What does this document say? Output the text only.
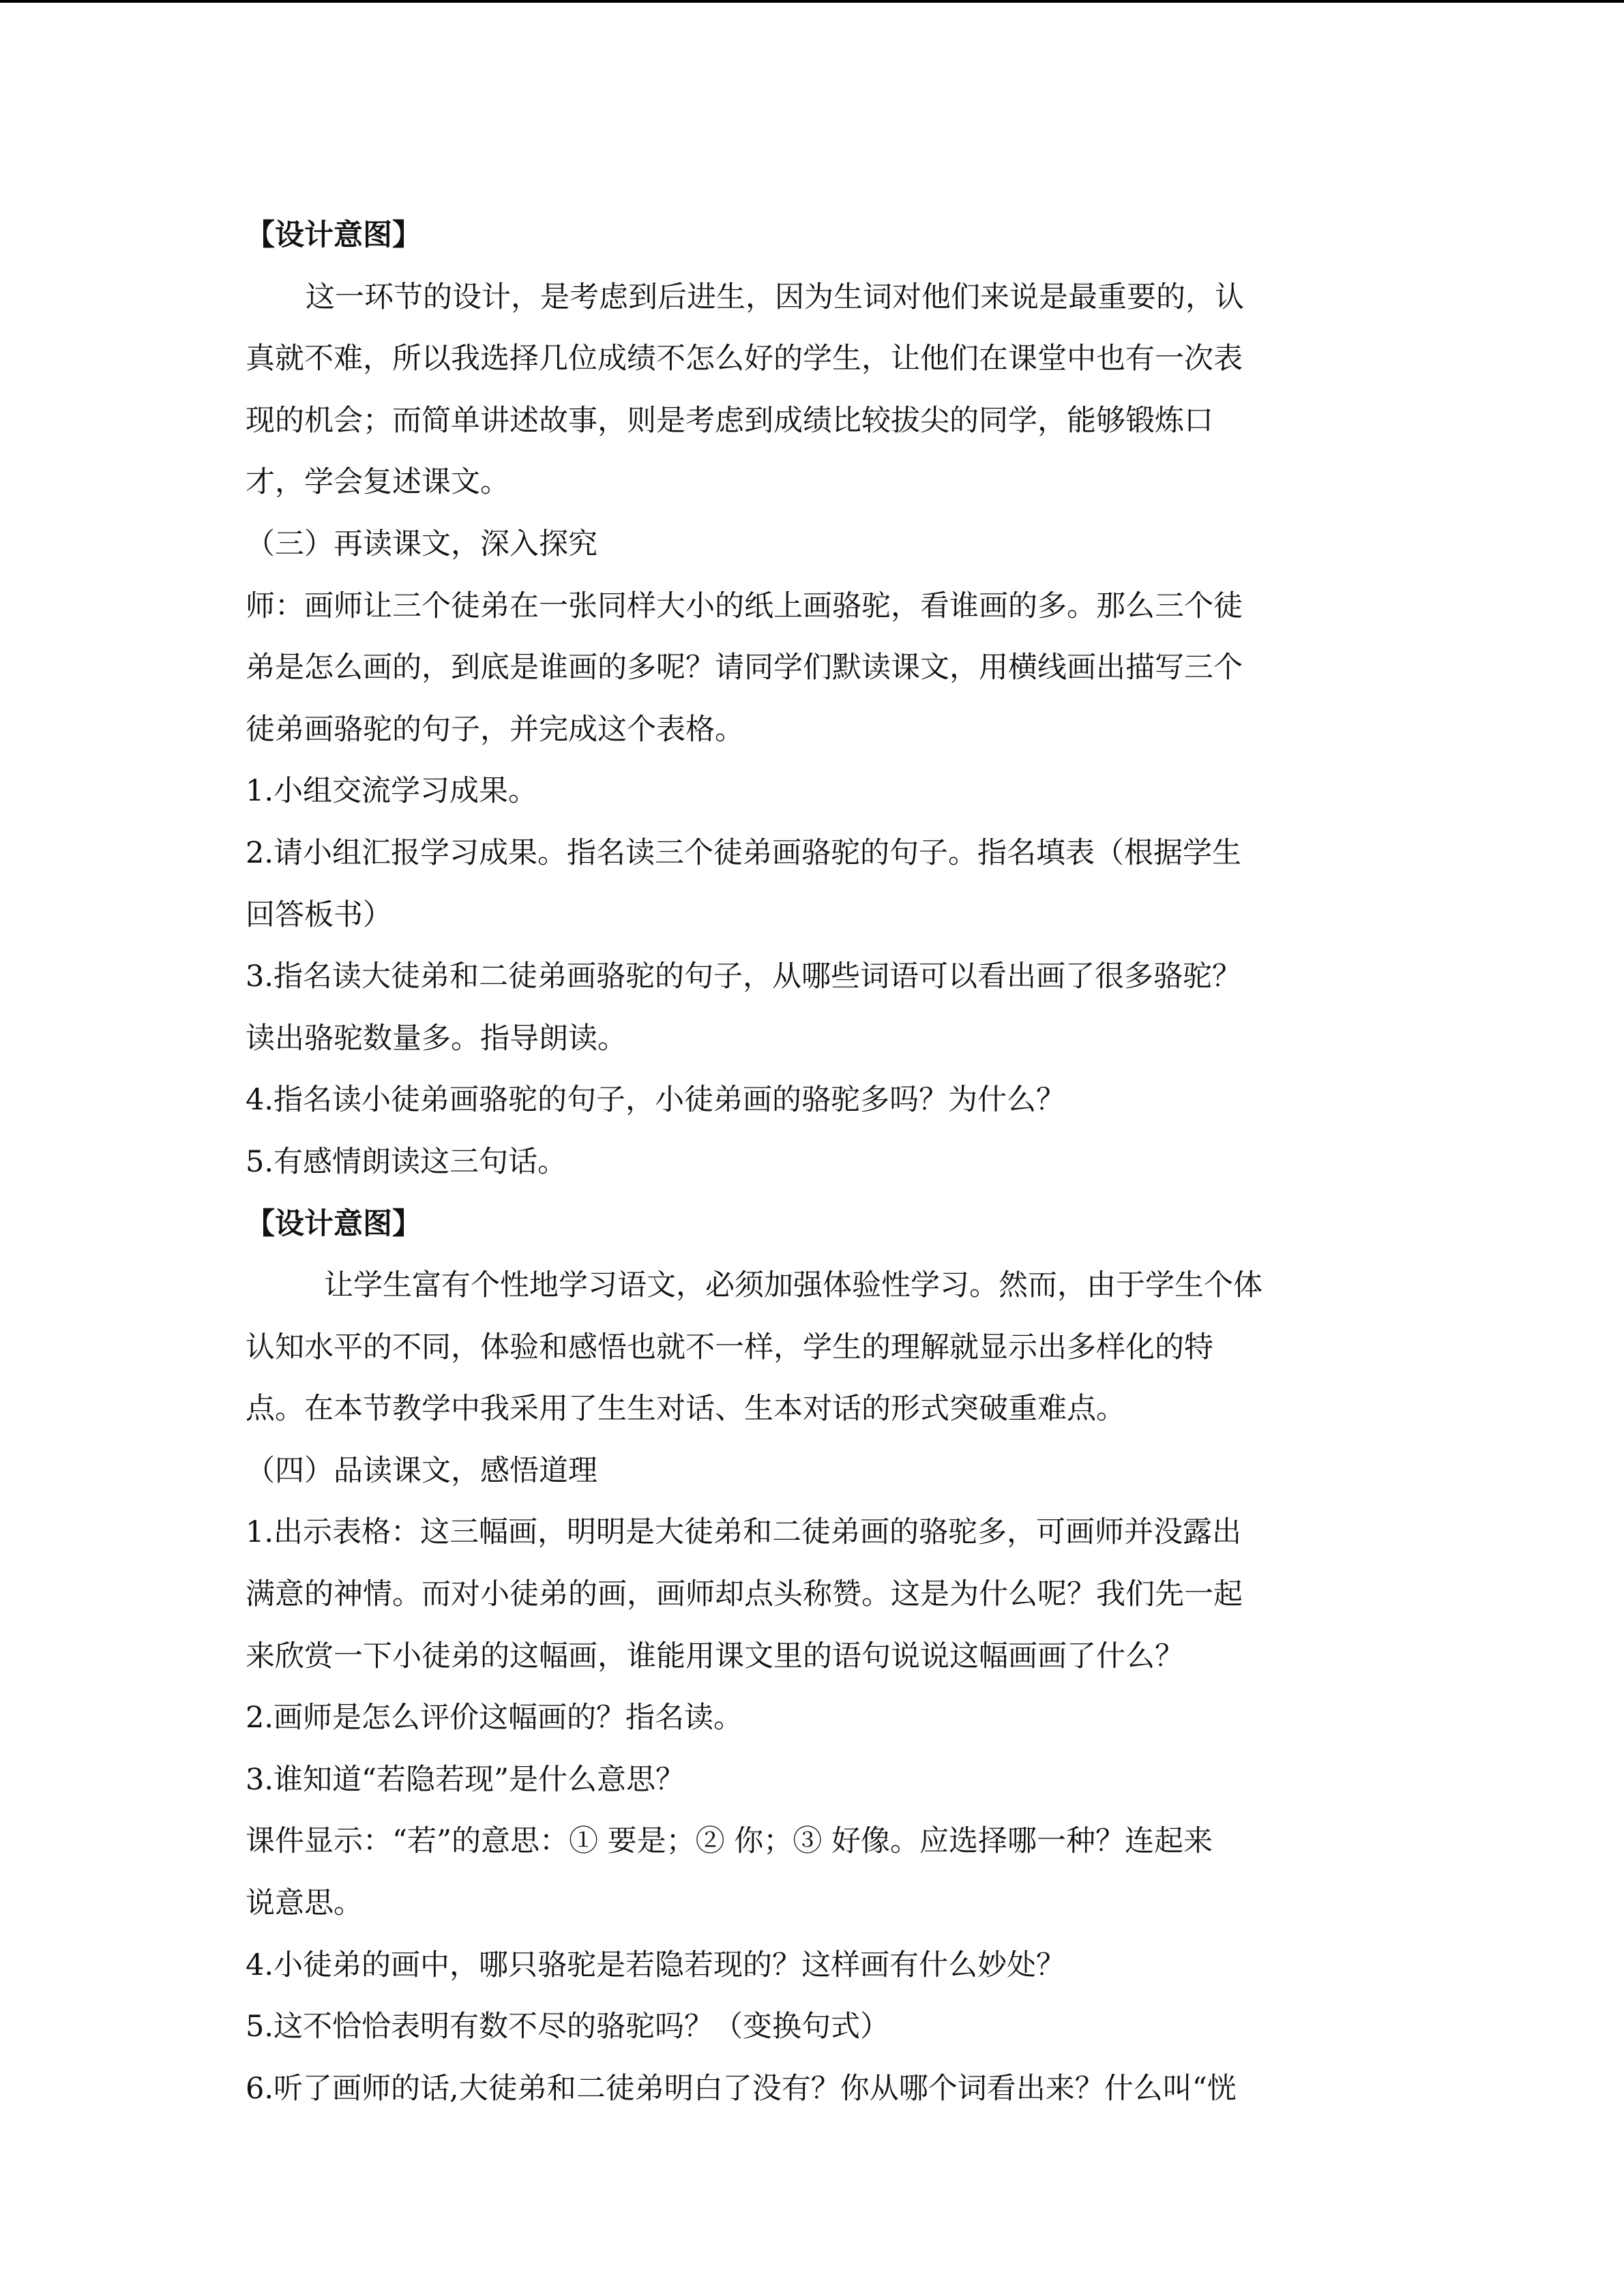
【设计意图】
这一环节的设计，是考虑到后进生，因为生词对他们来说是最重要的，认
真就不难，所以我选择几位成绩不怎么好的学生，让他们在课堂中也有一次表
现的机会；而简单讲述故事，则是考虑到成绩比较拔尖的同学，能够锻炼口
才，学会复述课文。
（三）再读课文，深入探究
师：画师让三个徒弟在一张同样大小的纸上画骆驼，看谁画的多。那么三个徒
弟是怎么画的，到底是谁画的多呢？请同学们默读课文，用横线画出描写三个
徒弟画骆驼的句子，并完成这个表格。
1.小组交流学习成果。
2.请小组汇报学习成果。指名读三个徒弟画骆驼的句子。指名填表（根据学生
回答板书）
3.指名读大徒弟和二徒弟画骆驼的句子，从哪些词语可以看出画了很多骆驼？
读出骆驼数量多。指导朗读。
4.指名读小徒弟画骆驼的句子，小徒弟画的骆驼多吗？为什么？
5.有感情朗读这三句话。
【设计意图】
让学生富有个性地学习语文，必须加强体验性学习。然而，由于学生个体
认知水平的不同，体验和感悟也就不一样，学生的理解就显示出多样化的特
点。在本节教学中我采用了生生对话、生本对话的形式突破重难点。
（四）品读课文，感悟道理
1.出示表格：这三幅画，明明是大徒弟和二徒弟画的骆驼多，可画师并没露出
满意的神情。而对小徒弟的画，画师却点头称赞。这是为什么呢？我们先一起
来欣赏一下小徒弟的这幅画，谁能用课文里的语句说说这幅画画了什么？
2.画师是怎么评价这幅画的？指名读。
3.谁知道“若隐若现”是什么意思？
课件显示：“若”的意思：① 要是；② 你；③ 好像。应选择哪一种？连起来
说意思。
4.小徒弟的画中，哪只骆驼是若隐若现的？这样画有什么妙处？
5.这不恰恰表明有数不尽的骆驼吗？（变换句式）
6.听了画师的话,大徒弟和二徒弟明白了没有？你从哪个词看出来？什么叫“恍
